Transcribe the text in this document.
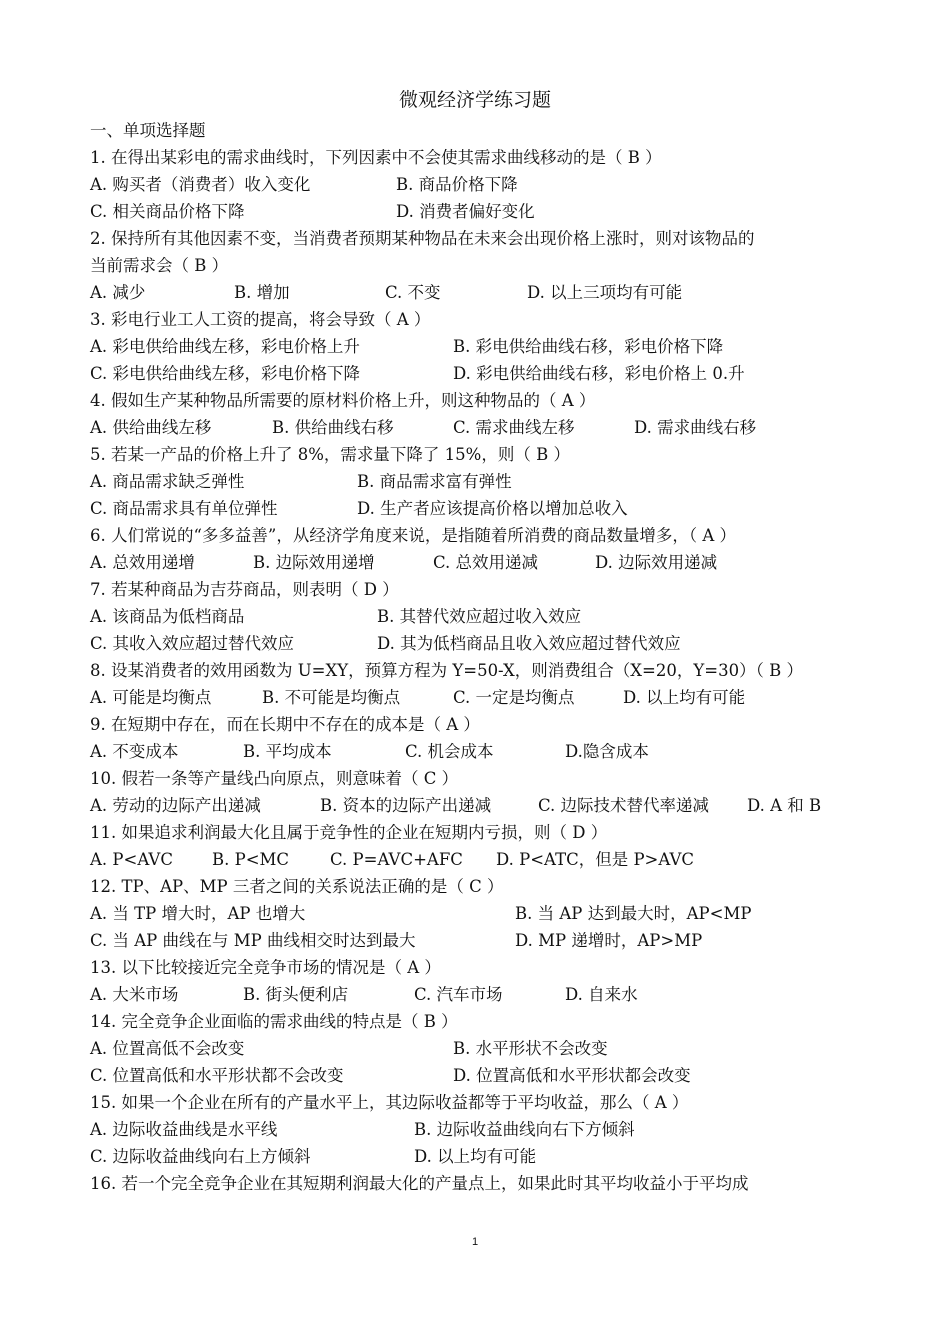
微观经济学练习题
一、单项选择题
1. 在得出某彩电的需求曲线时，下列因素中不会使其需求曲线移动的是（ B ）
A. 购买者（消费者）收入变化	B. 商品价格下降
C. 相关商品价格下降	D. 消费者偏好变化
2. 保持所有其他因素不变，当消费者预期某种物品在未来会出现价格上涨时，则对该物品的
当前需求会（ B ）
A. 减少	B. 增加	C. 不变	D. 以上三项均有可能
3. 彩电行业工人工资的提高，将会导致（ A ）
A. 彩电供给曲线左移，彩电价格上升	B. 彩电供给曲线右移，彩电价格下降
C. 彩电供给曲线左移，彩电价格下降	D. 彩电供给曲线右移，彩电价格上 0.升
4. 假如生产某种物品所需要的原材料价格上升，则这种物品的（ A ）
A. 供给曲线左移	B. 供给曲线右移	C. 需求曲线左移	D. 需求曲线右移
5. 若某一产品的价格上升了 8%，需求量下降了 15%，则（ B ）
A. 商品需求缺乏弹性	B. 商品需求富有弹性
C. 商品需求具有单位弹性	D. 生产者应该提高价格以增加总收入
6. 人们常说的“多多益善”，从经济学角度来说，是指随着所消费的商品数量增多，（ A ）
A. 总效用递增	B. 边际效用递增	C. 总效用递减	D. 边际效用递减
7. 若某种商品为吉芬商品，则表明（ D ）
A. 该商品为低档商品	B. 其替代效应超过收入效应
C. 其收入效应超过替代效应	D. 其为低档商品且收入效应超过替代效应
8. 设某消费者的效用函数为 U=XY，预算方程为 Y=50-X，则消费组合（X=20，Y=30）（ B ）
A. 可能是均衡点	B. 不可能是均衡点	C. 一定是均衡点	D. 以上均有可能
9. 在短期中存在，而在长期中不存在的成本是（ A ）
A. 不变成本	B. 平均成本	C. 机会成本	D.隐含成本
10. 假若一条等产量线凸向原点，则意味着（ C ）
A. 劳动的边际产出递减	B. 资本的边际产出递减	C. 边际技术替代率递减 D. A 和 B
11. 如果追求利润最大化且属于竞争性的企业在短期内亏损，则（ D ）
A. P<AVC B. P<MC C. P=AVC+AFC D. P<ATC，但是 P>AVC
12. TP、AP、MP 三者之间的关系说法正确的是（ C ）
A. 当 TP 增大时，AP 也增大	B. 当 AP 达到最大时，AP<MP
C. 当 AP 曲线在与 MP 曲线相交时达到最大	D. MP 递增时，AP>MP
13. 以下比较接近完全竞争市场的情况是（ A ）
A. 大米市场	B. 街头便利店	C. 汽车市场	D. 自来水
14. 完全竞争企业面临的需求曲线的特点是（ B ）
A. 位置高低不会改变	B. 水平形状不会改变
C. 位置高低和水平形状都不会改变	D. 位置高低和水平形状都会改变
15. 如果一个企业在所有的产量水平上，其边际收益都等于平均收益，那么（ A ）
A. 边际收益曲线是水平线	B. 边际收益曲线向右下方倾斜
C. 边际收益曲线向右上方倾斜	D. 以上均有可能
16. 若一个完全竞争企业在其短期利润最大化的产量点上，如果此时其平均收益小于平均成
1
